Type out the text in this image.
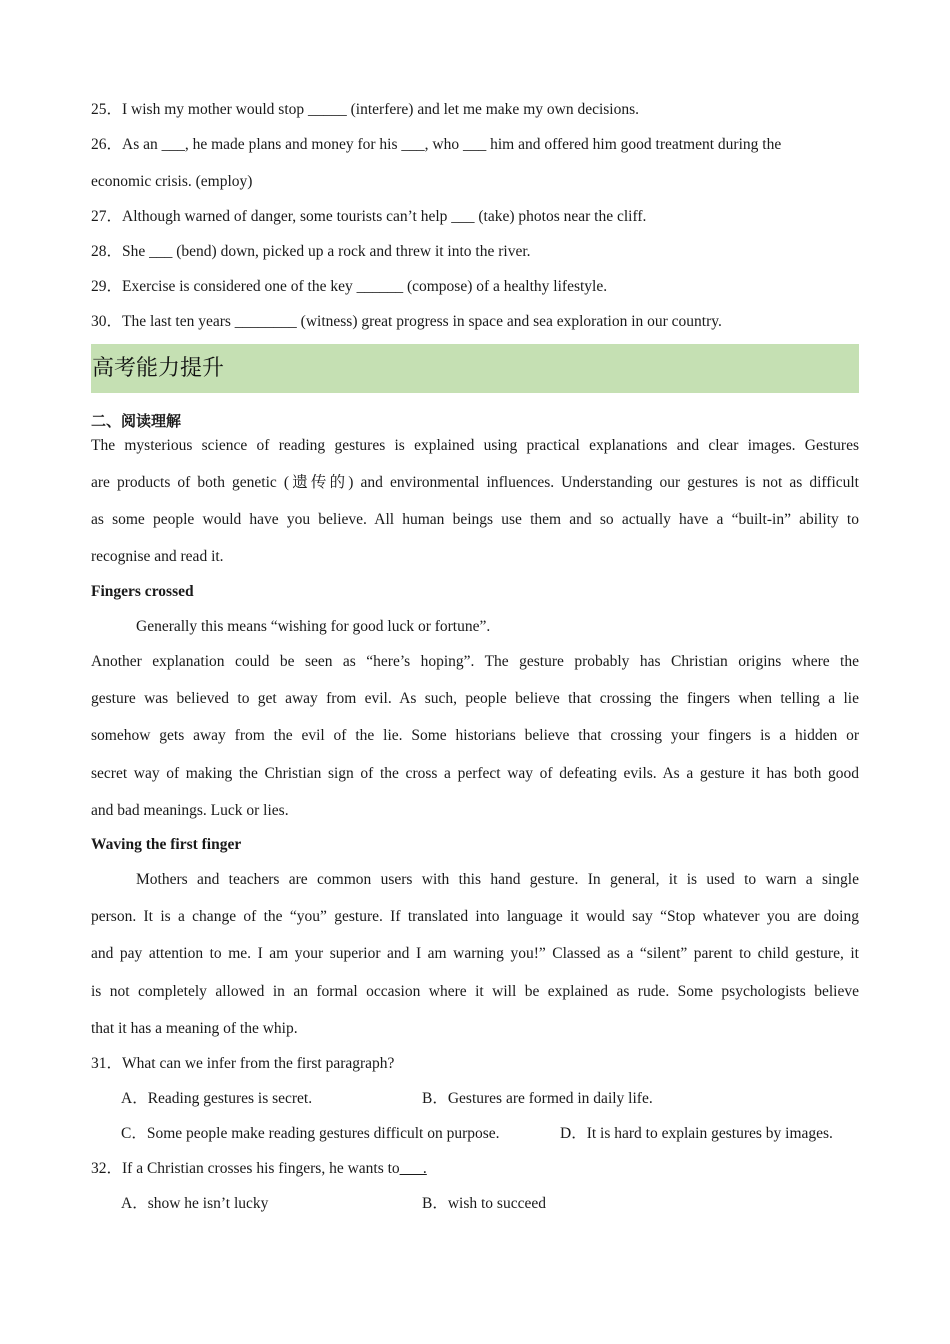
25．I wish my mother would stop _____ (interfere) and let me make my own decisions.
26．As an ___, he made plans and money for his ___, who ___ him and offered him good treatment during the
economic crisis. (employ)
27．Although warned of danger, some tourists can’t help ___ (take) photos near the cliff.
28．She ___ (bend) down, picked up a rock and threw it into the river.
29．Exercise is considered one of the key ______ (compose) of a healthy lifestyle.
30．The last ten years ________ (witness) great progress in space and sea exploration in our country.
高考能力提升
二、阅读理解
The mysterious science of reading gestures is explained using practical explanations and clear images. Gestures
are products of both genetic (遗传的) and environmental influences. Understanding our gestures is not as difficult
as some people would have you believe. All human beings use them and so actually have a “built-in” ability to
recognise and read it.
Fingers crossed
Generally this means “wishing for good luck or fortune”.
Another explanation could be seen as “here’s hoping”. The gesture probably has Christian origins where the
gesture was believed to get away from evil. As such, people believe that crossing the fingers when telling a lie
somehow gets away from the evil of the lie. Some historians believe that crossing your fingers is a hidden or
secret way of making the Christian sign of the cross a perfect way of defeating evils. As a gesture it has both good
and bad meanings. Luck or lies.
Waving the first finger
Mothers and teachers are common users with this hand gesture. In general, it is used to warn a single
person. It is a change of the “you” gesture. If translated into language it would say “Stop whatever you are doing
and pay attention to me. I am your superior and I am warning you!” Classed as a “silent” parent to child gesture, it
is not completely allowed in an formal occasion where it will be explained as rude. Some psychologists believe
that it has a meaning of the whip.
31．What can we infer from the first paragraph?
A．Reading gestures is secret.	B．Gestures are formed in daily life.
C．Some people make reading gestures difficult on purpose.	D．It is hard to explain gestures by images.
32．If a Christian crosses his fingers, he wants to___.
A．show he isn’t lucky	B．wish to succeed
